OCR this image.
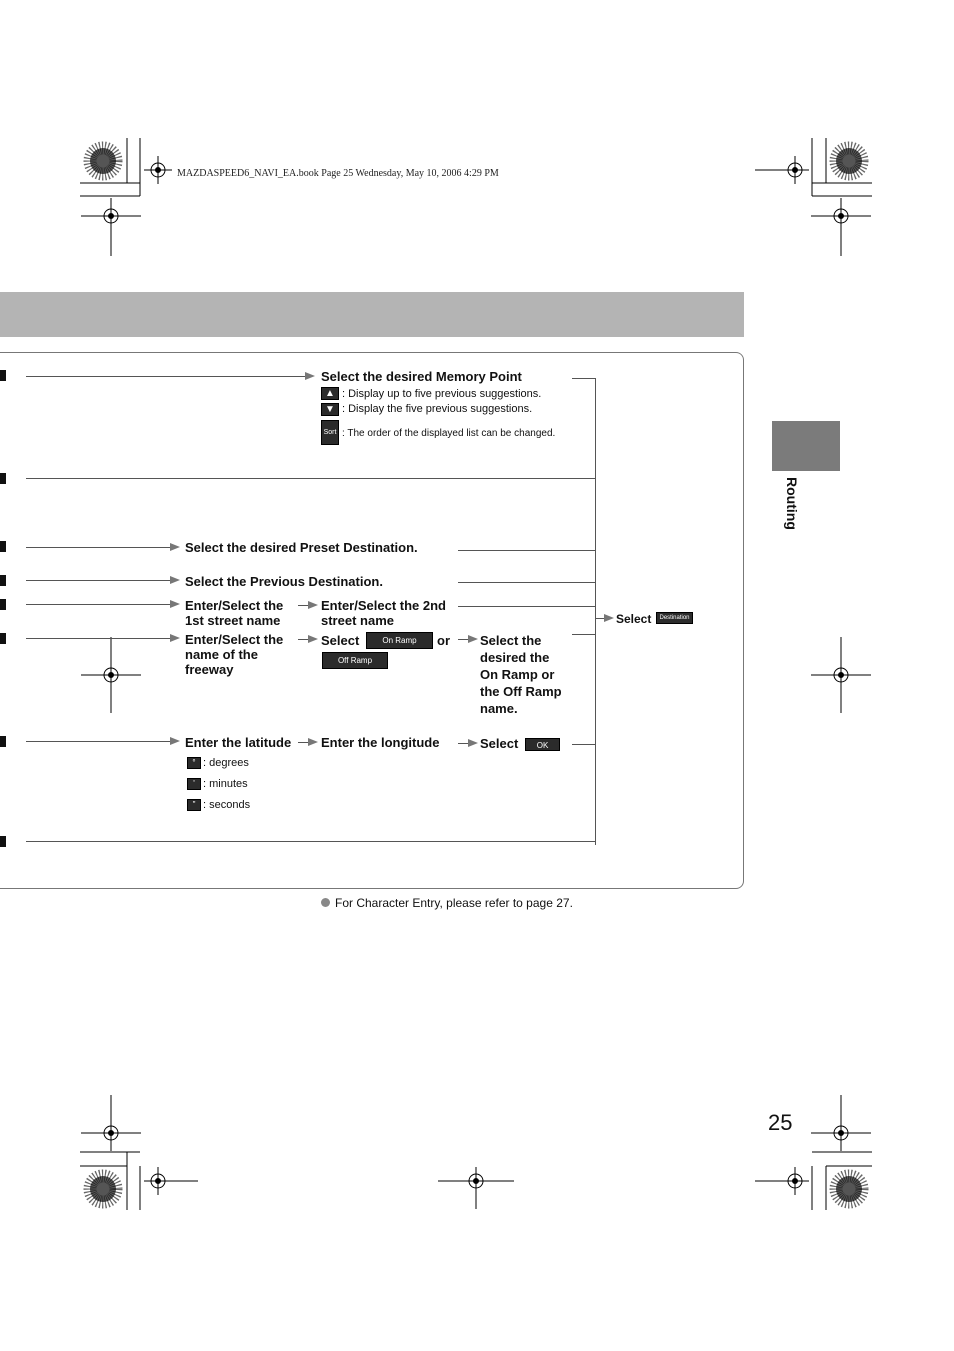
MAZDASPEED6_NAVI_EA.book Page 25 Wednesday, May 10, 2006 4:29 PM
Routing
Select the desired Memory Point
▲ : Display up to five previous suggestions.
▼ : Display the five previous suggestions.
Sort : The order of the displayed list can be changed.
Select the desired Preset Destination.
Select the Previous Destination.
Enter/Select the
1st street name
Enter/Select the 2nd
street name
Enter/Select the
name of the
freeway
Select	On Ramp	or
Off Ramp
Select the
desired the
On Ramp or
the Off Ramp
name.
Enter the latitude Enter the longitude	Select	OK
° : degrees
' : minutes
" : seconds
Select	Destination
For Character Entry, please refer to page 27.
25
